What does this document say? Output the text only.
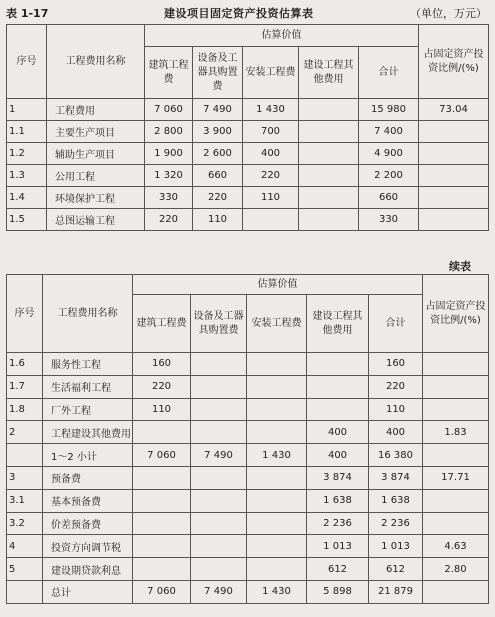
表 1-17	建设项目固定资产投资估算表	（单位，万元）
序号	工程费用名称	估算价值					占固定资产投资比例/(%)
		建筑工程费	设备及工器具购置费	安装工程费	建设工程其他费用	合计	
1	工程费用	7 060	7 490	1 430		15 980	73.04
1.1	主要生产项目	2 800	3 900	700		7 400	
1.2	辅助生产项目	1 900	2 600	400		4 900	
1.3	公用工程	1 320	660	220		2 200	
1.4	环境保护工程	330	220	110		660	
1.5	总图运输工程	220	110			330	
续表
序号	工程费用名称	估算价值					占固定资产投资比例/(%)
		建筑工程费	设备及工器具购置费	安装工程费	建设工程其他费用	合计	
1.6	服务性工程	160				160	
1.7	生活福利工程	220				220	
1.8	厂外工程	110				110	
2	工程建设其他费用				400	400	1.83
	1～2 小计	7 060	7 490	1 430	400	16 380	
3	预备费				3 874	3 874	17.71
3.1	基本预备费				1 638	1 638	
3.2	价差预备费				2 236	2 236	
4	投资方向调节税				1 013	1 013	4.63
5	建设期贷款利息				612	612	2.80
	总计	7 060	7 490	1 430	5 898	21 879	
